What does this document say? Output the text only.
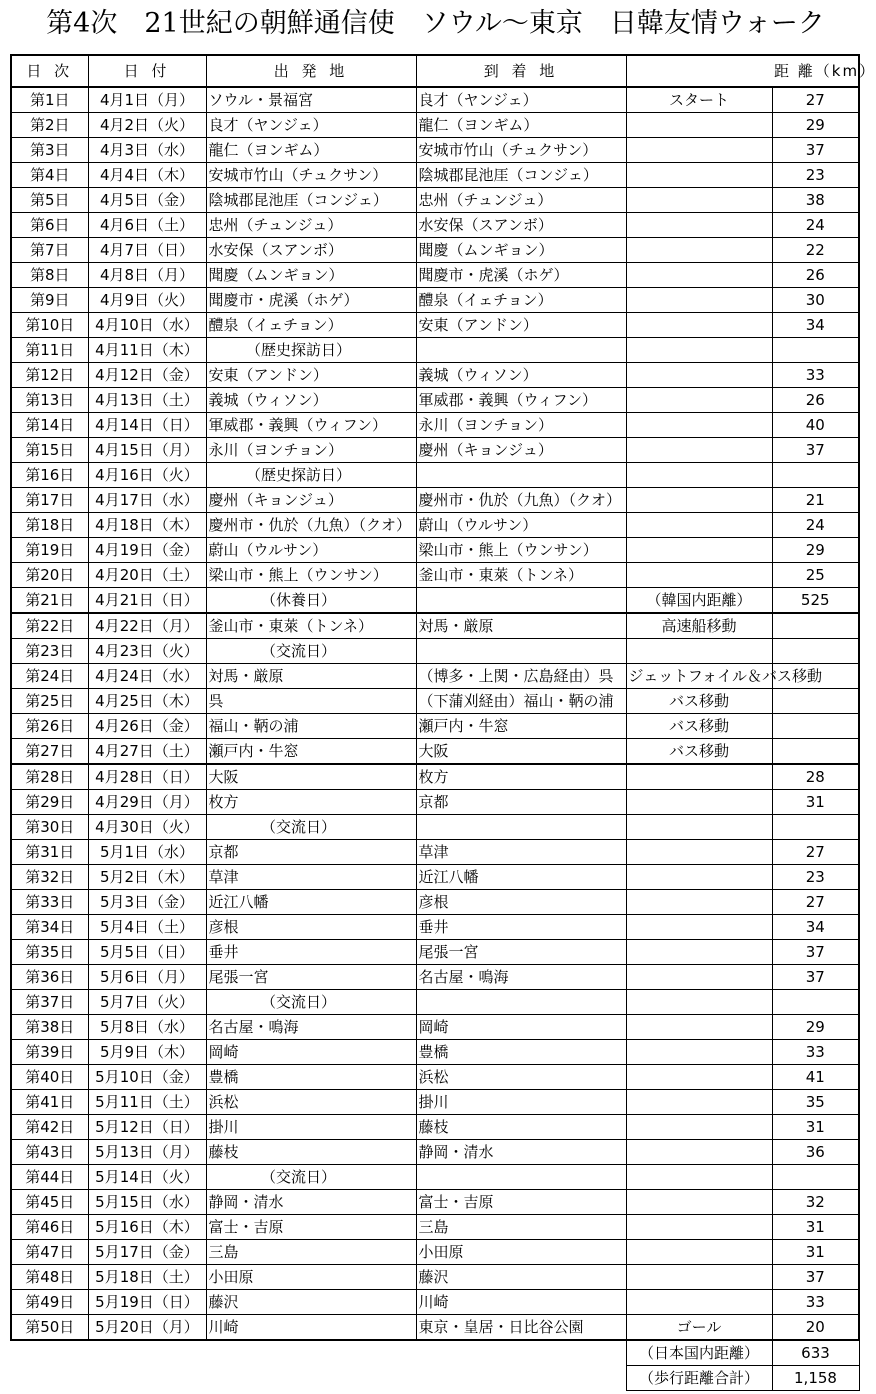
第4次　21世紀の朝鮮通信使　ソウル～東京　日韓友情ウォーク
日 次	日 付	出 発 地	到 着 地		距 離（km）
第1日	4月1日（月）	ソウル・景福宮	良才（ヤンジェ）	スタート	27
第2日	4月2日（火）	良才（ヤンジェ）	龍仁（ヨンギム）		29
第3日	4月3日（水）	龍仁（ヨンギム）	安城市竹山（チュクサン）		37
第4日	4月4日（木）	安城市竹山（チュクサン）	陰城郡昆池厓（コンジェ）		23
第5日	4月5日（金）	陰城郡昆池厓（コンジェ）	忠州（チュンジュ）		38
第6日	4月6日（土）	忠州（チュンジュ）	水安保（スアンボ）		24
第7日	4月7日（日）	水安保（スアンボ）	聞慶（ムンギョン）		22
第8日	4月8日（月）	聞慶（ムンギョン）	聞慶市・虎溪（ホゲ）		26
第9日	4月9日（火）	聞慶市・虎溪（ホゲ）	醴泉（イェチョン）		30
第10日	4月10日（水）	醴泉（イェチョン）	安東（アンドン）		34
第11日	4月11日（木）	　　　（歴史探訪日）			
第12日	4月12日（金）	安東（アンドン）	義城（ウィソン）		33
第13日	4月13日（土）	義城（ウィソン）	軍威郡・義興（ウィフン）		26
第14日	4月14日（日）	軍威郡・義興（ウィフン）	永川（ヨンチョン）		40
第15日	4月15日（月）	永川（ヨンチョン）	慶州（キョンジュ）		37
第16日	4月16日（火）	　　　（歴史探訪日）			
第17日	4月17日（水）	慶州（キョンジュ）	慶州市・仇於（九魚）（クオ）		21
第18日	4月18日（木）	慶州市・仇於（九魚）（クオ）	蔚山（ウルサン）		24
第19日	4月19日（金）	蔚山（ウルサン）	梁山市・熊上（ウンサン）		29
第20日	4月20日（土）	梁山市・熊上（ウンサン）	釜山市・東萊（トンネ）		25
第21日	4月21日（日）	　　　　（休養日）		（韓国内距離）	525
第22日	4月22日（月）	釜山市・東萊（トンネ）	対馬・厳原	高速船移動	
第23日	4月23日（火）	　　　　（交流日）			
第24日	4月24日（水）	対馬・厳原	（博多・上関・広島経由）呉	ジェットフォイル＆バス移動	
第25日	4月25日（木）	呉	（下蒲刈経由）福山・鞆の浦	バス移動	
第26日	4月26日（金）	福山・鞆の浦	瀬戸内・牛窓	バス移動	
第27日	4月27日（土）	瀬戸内・牛窓	大阪	バス移動	
第28日	4月28日（日）	大阪	枚方		28
第29日	4月29日（月）	枚方	京都		31
第30日	4月30日（火）	　　　　（交流日）			
第31日	5月1日（水）	京都	草津		27
第32日	5月2日（木）	草津	近江八幡		23
第33日	5月3日（金）	近江八幡	彦根		27
第34日	5月4日（土）	彦根	垂井		34
第35日	5月5日（日）	垂井	尾張一宮		37
第36日	5月6日（月）	尾張一宮	名古屋・鳴海		37
第37日	5月7日（火）	　　　　（交流日）			
第38日	5月8日（水）	名古屋・鳴海	岡崎		29
第39日	5月9日（木）	岡崎	豊橋		33
第40日	5月10日（金）	豊橋	浜松		41
第41日	5月11日（土）	浜松	掛川		35
第42日	5月12日（日）	掛川	藤枝		31
第43日	5月13日（月）	藤枝	静岡・清水		36
第44日	5月14日（火）	　　　　（交流日）			
第45日	5月15日（水）	静岡・清水	富士・吉原		32
第46日	5月16日（木）	富士・吉原	三島		31
第47日	5月17日（金）	三島	小田原		31
第48日	5月18日（土）	小田原	藤沢		37
第49日	5月19日（日）	藤沢	川崎		33
第50日	5月20日（月）	川崎	東京・皇居・日比谷公園	ゴール	20
				（日本国内距離）	633
				（歩行距離合計）	1,158
